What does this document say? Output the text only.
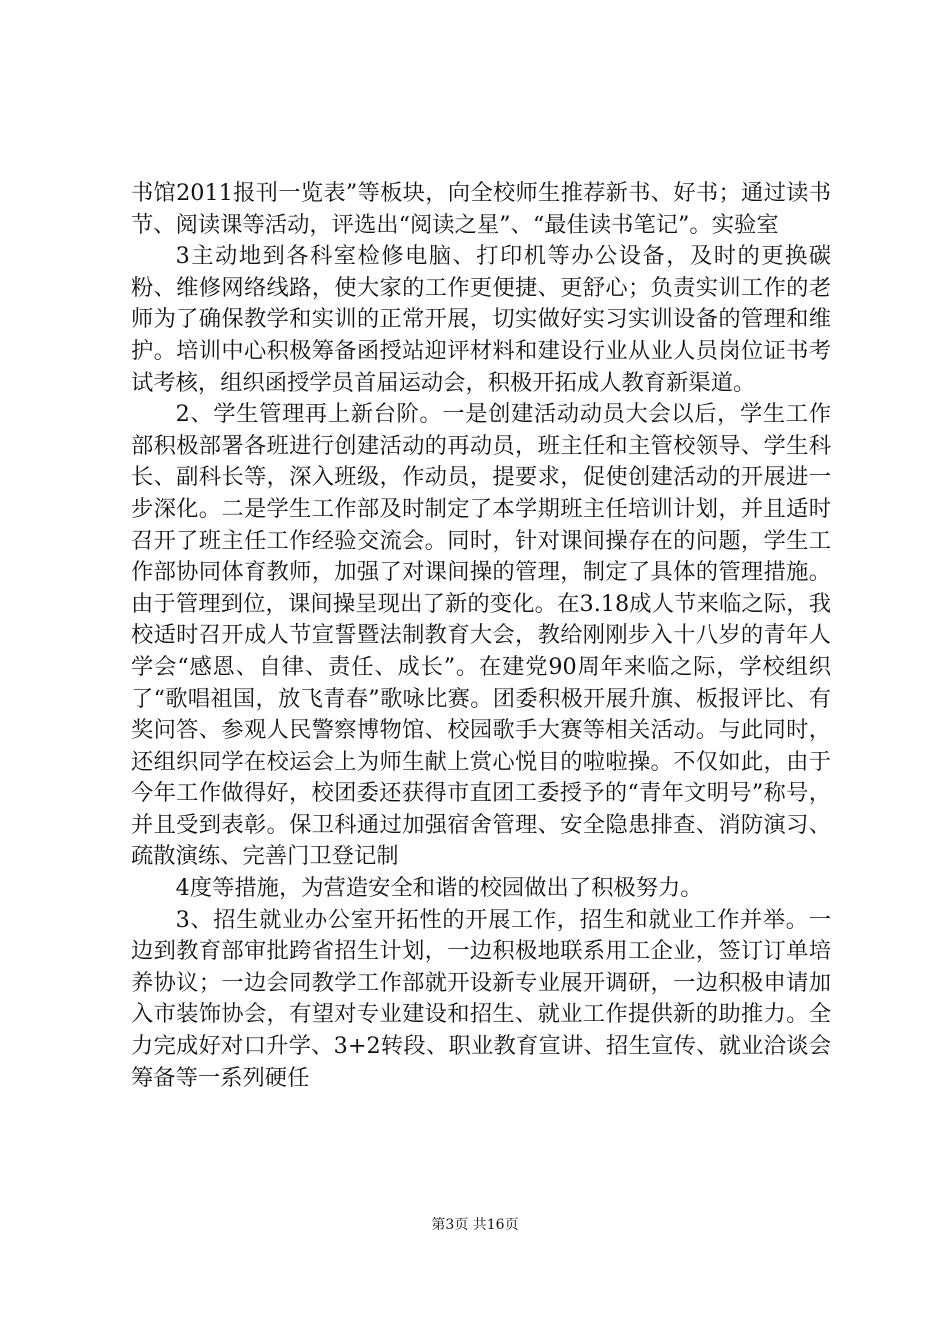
书馆2011报刊一览表”等板块，向全校师生推荐新书、好书；通过读书节、阅读课等活动，评选出“阅读之星”、“最佳读书笔记”。实验室

3主动地到各科室检修电脑、打印机等办公设备，及时的更换碳粉、维修网络线路，使大家的工作更便捷、更舒心；负责实训工作的老师为了确保教学和实训的正常开展，切实做好实习实训设备的管理和维护。培训中心积极筹备函授站迎评材料和建设行业从业人员岗位证书考试考核，组织函授学员首届运动会，积极开拓成人教育新渠道。

2、学生管理再上新台阶。一是创建活动动员大会以后，学生工作部积极部署各班进行创建活动的再动员，班主任和主管校领导、学生科长、副科长等，深入班级，作动员，提要求，促使创建活动的开展进一步深化。二是学生工作部及时制定了本学期班主任培训计划，并且适时召开了班主任工作经验交流会。同时，针对课间操存在的问题，学生工作部协同体育教师，加强了对课间操的管理，制定了具体的管理措施。由于管理到位，课间操呈现出了新的变化。在3.18成人节来临之际，我校适时召开成人节宣誓暨法制教育大会，教给刚刚步入十八岁的青年人学会“感恩、自律、责任、成长”。在建党90周年来临之际，学校组织了“歌唱祖国，放飞青春”歌咏比赛。团委积极开展升旗、板报评比、有奖问答、参观人民警察博物馆、校园歌手大赛等相关活动。与此同时，还组织同学在校运会上为师生献上赏心悦目的啦啦操。不仅如此，由于今年工作做得好，校团委还获得市直团工委授予的“青年文明号”称号，并且受到表彰。保卫科通过加强宿舍管理、安全隐患排查、消防演习、疏散演练、完善门卫登记制

4度等措施，为营造安全和谐的校园做出了积极努力。

3、招生就业办公室开拓性的开展工作，招生和就业工作并举。一边到教育部审批跨省招生计划，一边积极地联系用工企业，签订订单培养协议；一边会同教学工作部就开设新专业展开调研，一边积极申请加入市装饰协会，有望对专业建设和招生、就业工作提供新的助推力。全力完成好对口升学、3+2转段、职业教育宣讲、招生宣传、就业洽谈会筹备等一系列硬任

第3页 共16页
